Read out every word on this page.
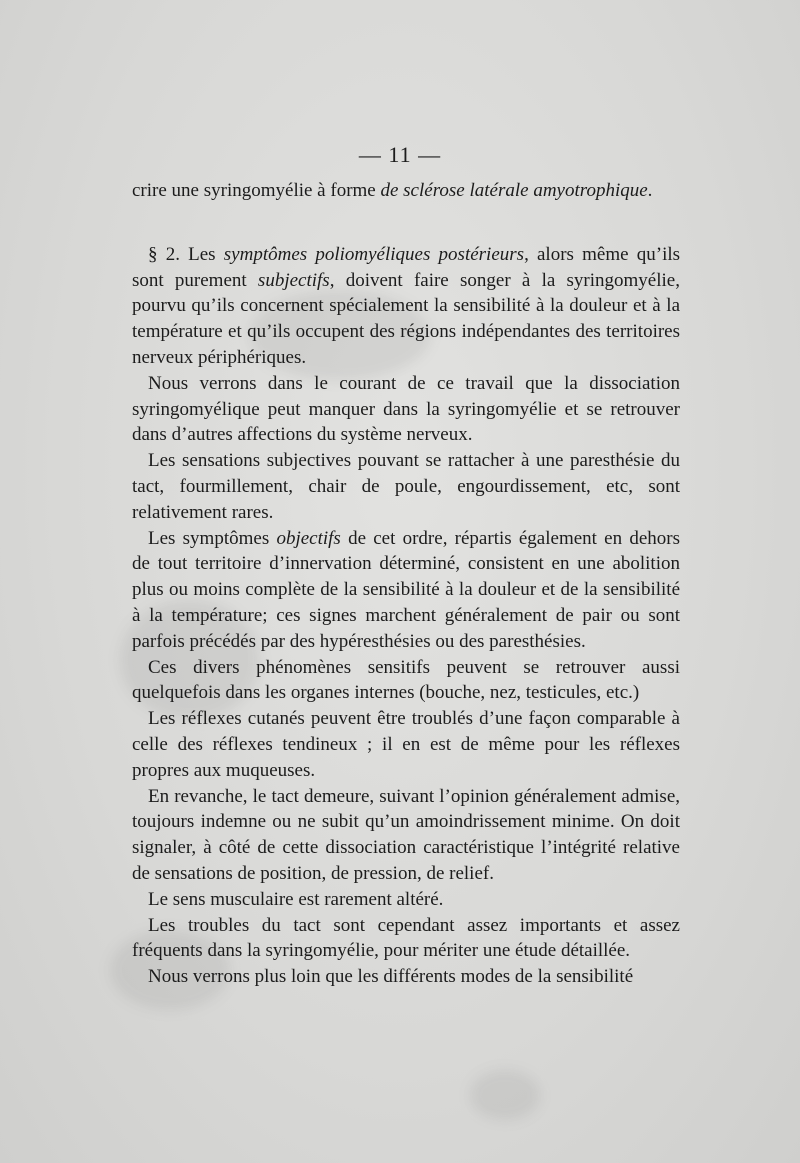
— 11 —

crire une syringomyélie à forme de sclérose latérale amyotrophique.

§ 2. Les symptômes poliomyéliques postérieurs, alors même qu’ils sont purement subjectifs, doivent faire songer à la syringomyélie, pourvu qu’ils concernent spécialement la sensibilité à la douleur et à la température et qu’ils occupent des régions indépendantes des territoires nerveux périphériques.

Nous verrons dans le courant de ce travail que la dissociation syringomyélique peut manquer dans la syringomyélie et se retrouver dans d’autres affections du système nerveux.

Les sensations subjectives pouvant se rattacher à une paresthésie du tact, fourmillement, chair de poule, engourdissement, etc, sont relativement rares.

Les symptômes objectifs de cet ordre, répartis également en dehors de tout territoire d’innervation déterminé, consistent en une abolition plus ou moins complète de la sensibilité à la douleur et de la sensibilité à la température; ces signes marchent généralement de pair ou sont parfois précédés par des hypéresthésies ou des paresthésies.

Ces divers phénomènes sensitifs peuvent se retrouver aussi quelquefois dans les organes internes (bouche, nez, testicules, etc.)

Les réflexes cutanés peuvent être troublés d’une façon comparable à celle des réflexes tendineux ; il en est de même pour les réflexes propres aux muqueuses.

En revanche, le tact demeure, suivant l’opinion généralement admise, toujours indemne ou ne subit qu’un amoindrissement minime. On doit signaler, à côté de cette dissociation caractéristique l’intégrité relative de sensations de position, de pression, de relief.

Le sens musculaire est rarement altéré.

Les troubles du tact sont cependant assez importants et assez fréquents dans la syringomyélie, pour mériter une étude détaillée.

Nous verrons plus loin que les différents modes de la sensibilité
